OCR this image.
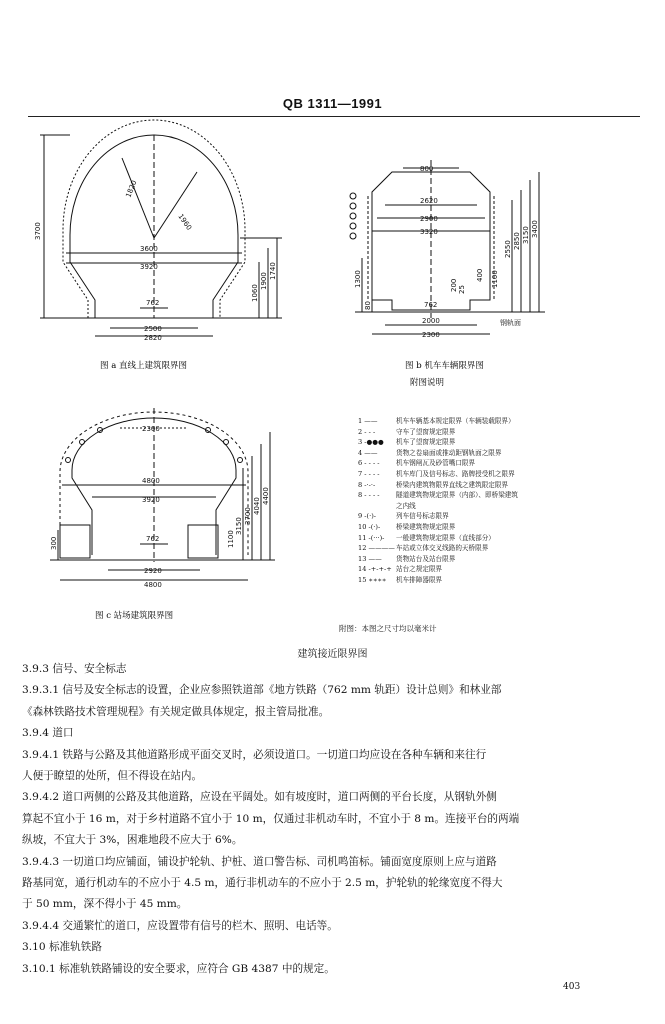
QB 1311—1991
1820
1960
3700
3600
3920
1060
1900
1740
762
2500
2820
图 a 直线上建筑限界图
800
2620
2900
3320
2550 2850 3150 3400
1300
80
200 25
400 1100
762
2000
2300
钢轨面
图 b 机车车辆限界图
附图说明
2300
4800
3920
3150
3700
4040
4400
300	1100
762
2920
4800
图 c 站场建筑限界图
1 ——	机车车辆基本规定限界（车辆装载限界）
2 - - -	守车了望窗规定限界
3 -●●● 机车了望窗规定限界
4 ——	货物之卷扇面或推动距钢轨面之限界
6 - - - -	机车钢闸瓦及砂管嘴口限界
7 - - - -	机车库门及信号标志、路牌授受机之限界
8 -·-·-	桥梁内建筑物限界直线之建筑限定限界
8 - - - -	隧道建筑物规定限界（内部）、即桥梁建筑
之内线
9 -(·)-	列车信号标志限界
10 -(·)- 桥梁建筑物规定限界
11 -(···)- 一般建筑物规定限界（直线部分）
12 ————车站或立体交叉线路的天桥限界
13 —— 货物站台及站台限界
14 -+-+-+ 站台之规定限界
15 ∗∗∗∗ 机车排障器限界
附图：本图之尺寸均以毫米计
建筑接近限界图

3.9.3 信号、安全标志

3.9.3.1 信号及安全标志的设置，企业应参照铁道部《地方铁路（762 mm 轨距）设计总则》和林业部

《森林铁路技术管理规程》有关规定做具体规定，报主管局批准。

3.9.4 道口

3.9.4.1 铁路与公路及其他道路形成平面交叉时，必须设道口。一切道口均应设在各种车辆和来往行

人便于瞭望的处所，但不得设在站内。

3.9.4.2 道口两侧的公路及其他道路，应设在平阔处。如有坡度时，道口两侧的平台长度，从钢轨外侧

算起不宜小于 16 m，对于乡村道路不宜小于 10 m，仅通过非机动车时，不宜小于 8 m。连接平台的两端

纵坡，不宜大于 3%，困难地段不应大于 6%。

3.9.4.3 一切道口均应铺面，铺设护轮轨、护桩、道口警告标、司机鸣笛标。铺面宽度原则上应与道路

路基同宽，通行机动车的不应小于 4.5 m，通行非机动车的不应小于 2.5 m，护轮轨的轮缘宽度不得大

于 50 mm，深不得小于 45 mm。

3.9.4.4 交通繁忙的道口，应设置带有信号的栏木、照明、电话等。

3.10 标准轨铁路

3.10.1 标准轨铁路铺设的安全要求，应符合 GB 4387 中的规定。

403
